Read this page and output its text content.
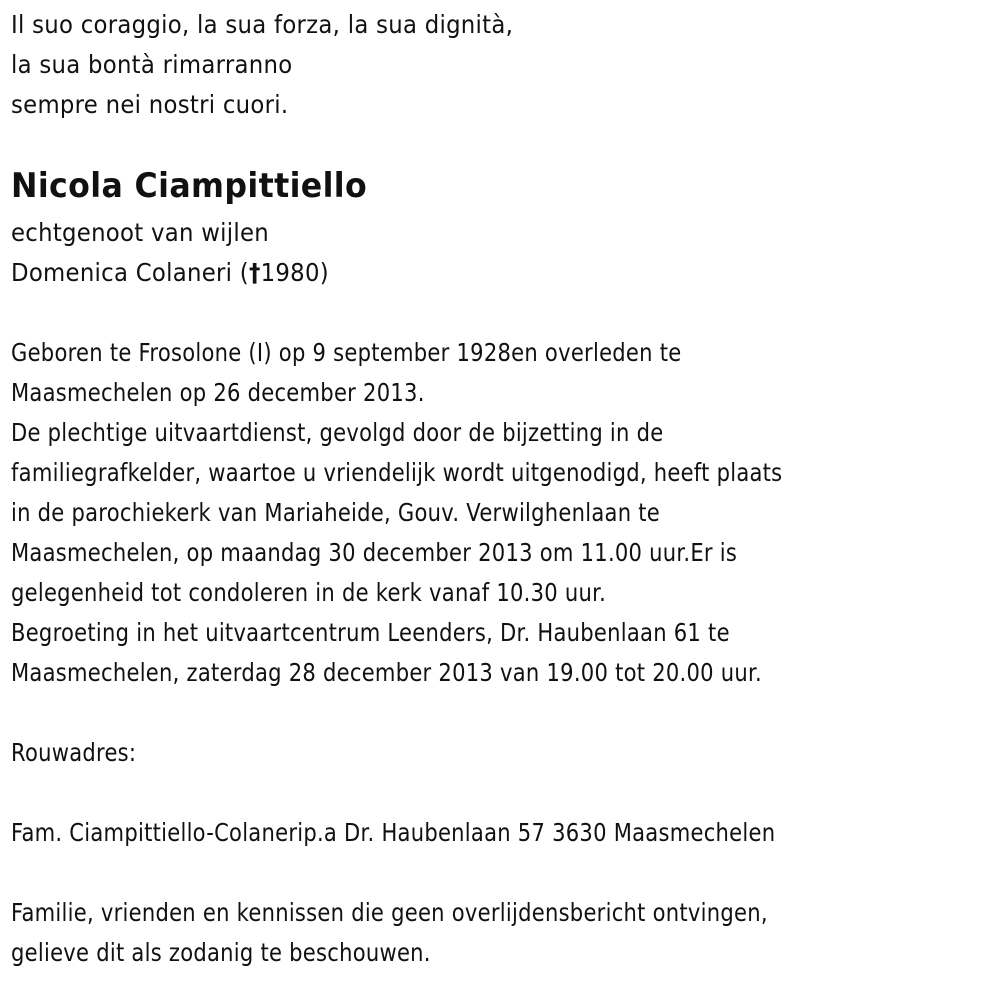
Il suo coraggio, la sua forza, la sua dignità,
la sua bontà rimarranno
sempre nei nostri cuori.
Nicola Ciampittiello
echtgenoot van wijlen
Domenica Colaneri (†1980)
Geboren te Frosolone (I) op 9 september 1928en overleden te
Maasmechelen op 26 december 2013.
De plechtige uitvaartdienst, gevolgd door de bijzetting in de
familiegrafkelder, waartoe u vriendelijk wordt uitgenodigd, heeft plaats
in de parochiekerk van Mariaheide, Gouv. Verwilghenlaan te
Maasmechelen, op maandag 30 december 2013 om 11.00 uur.Er is
gelegenheid tot condoleren in de kerk vanaf 10.30 uur.
Begroeting in het uitvaartcentrum Leenders, Dr. Haubenlaan 61 te
Maasmechelen, zaterdag 28 december 2013 van 19.00 tot 20.00 uur.
Rouwadres:
Fam. Ciampittiello-Colanerip.a Dr. Haubenlaan 57 3630 Maasmechelen
Familie, vrienden en kennissen die geen overlijdensbericht ontvingen,
gelieve dit als zodanig te beschouwen.
